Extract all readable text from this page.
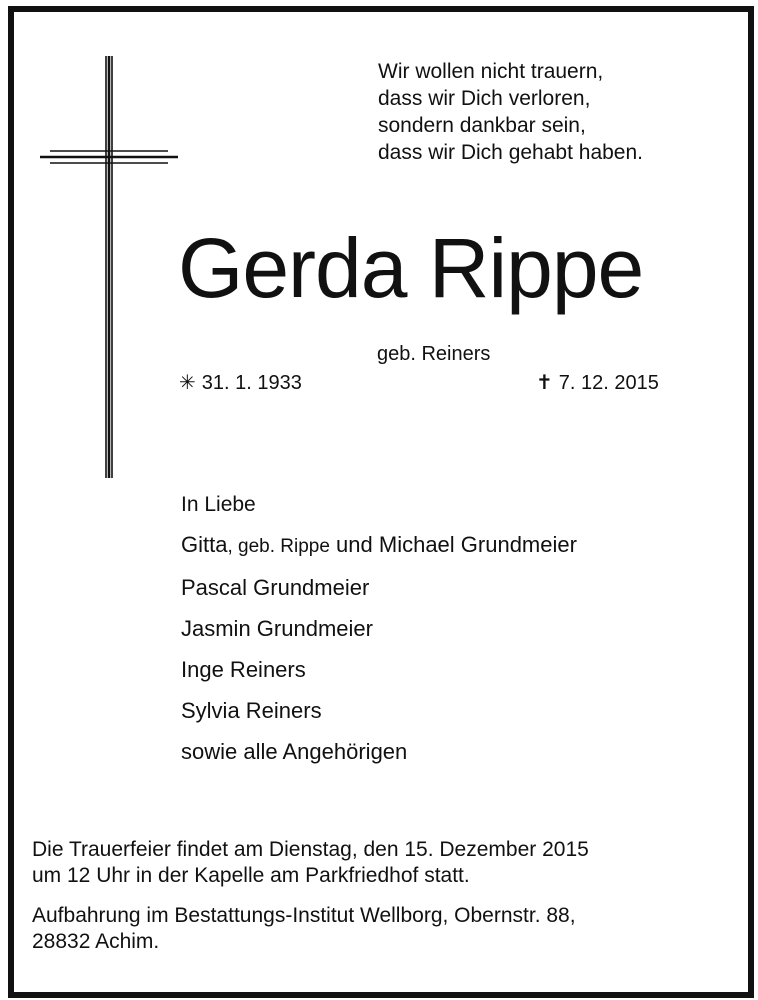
Wir wollen nicht trauern,
dass wir Dich verloren,
sondern dankbar sein,
dass wir Dich gehabt haben.
Gerda Rippe
geb. Reiners
✳ 31. 1. 1933	✝ 7. 12. 2015
In Liebe
Gitta, geb. Rippe und Michael Grundmeier
Pascal Grundmeier
Jasmin Grundmeier
Inge Reiners
Sylvia Reiners
sowie alle Angehörigen

Die Trauerfeier findet am Dienstag, den 15. Dezember 2015
um 12 Uhr in der Kapelle am Parkfriedhof statt.

Aufbahrung im Bestattungs-Institut Wellborg, Obernstr. 88,
28832 Achim.
